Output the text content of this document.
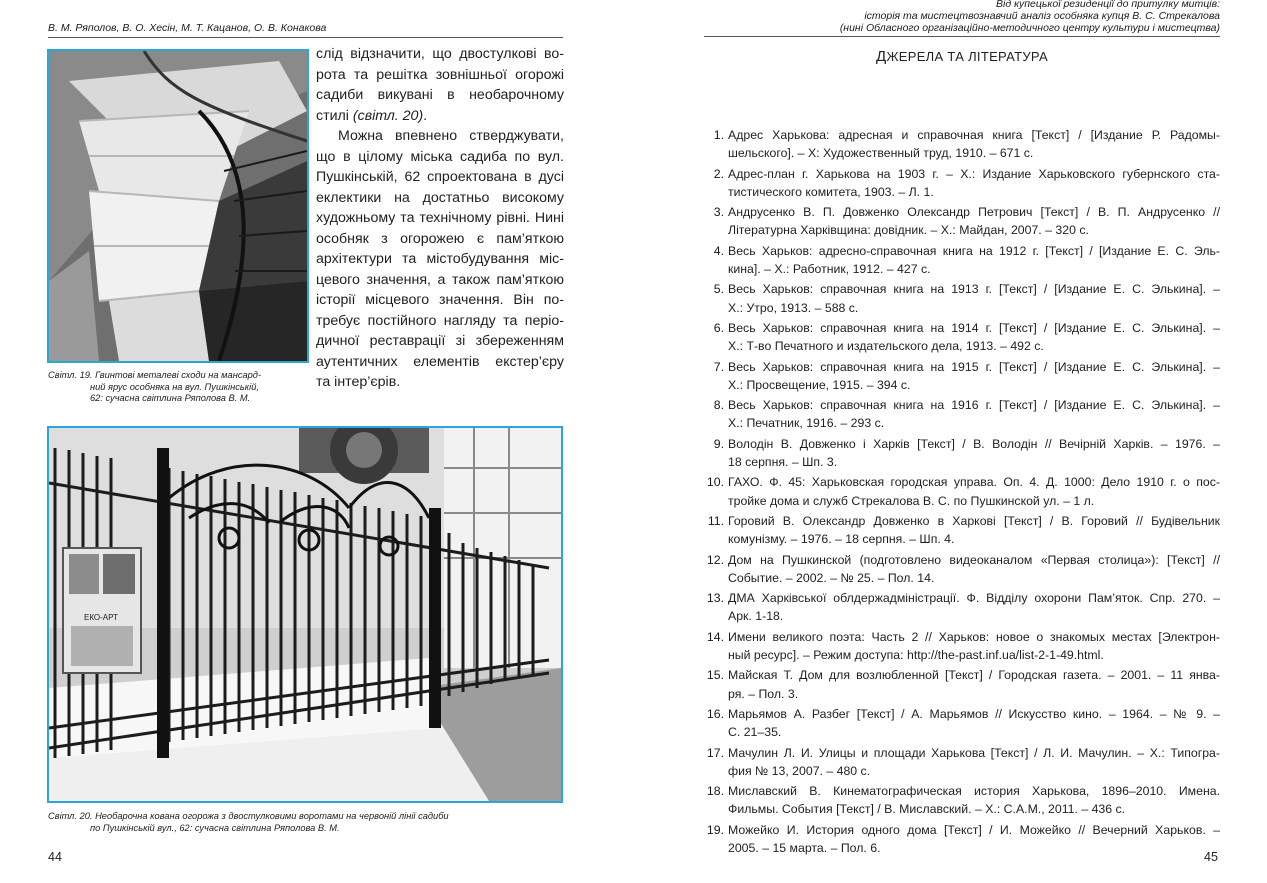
В. М. Ряполов, В. О. Хесін, М. Т. Кацанов, О. В. Конакова
слід відзначити, що двостулкові во-
рота та решітка зовнішньої огорожі
садиби викувані в необарочному
стилі (світл. 20).
Можна впевнено стверджувати,
що в цілому міська садиба по вул.
Пушкінській, 62 спроектована в дусі
еклектики на достатньо високому
художньому та технічному рівні. Нині
особняк з огорожею є пам’яткою
архітектури та містобудування міс-
цевого значення, а також пам’яткою
історії місцевого значення. Він по-
требує постійного нагляду та періо-
дичної реставрації зі збереженням
аутентичних елементів екстер’єру
та інтер’єрів.
Світл. 19. Гвинтові металеві сходи на мансард-
ний ярус особняка на вул. Пушкінській,
62: сучасна світлина Ряполова В. М.
ЕКО-АРТ
Світл. 20. Необарочна кована огорожа з двостулковими воротами на червоній лінії садиби
по Пушкінській вул., 62: сучасна світлина Ряполова В. М.
44
Від купецької резиденції до притулку митців:
історія та мистецтвознавчий аналіз особняка купця В. С. Стрекалова
(нині Обласного організаційно-методичного центру культури і мистецтва)
ДЖЕРЕЛА ТА ЛІТЕРАТУРА
1. Адрес Харькова: адресная и справочная книга [Текст] / [Издание Р. Радомы-
шельского]. – Х: Художественный труд, 1910. – 671 с.
2. Адрес-план г. Харькова на 1903 г. – Х.: Издание Харьковского губернского ста-
тистического комитета, 1903. – Л. 1.
3. Андрусенко В. П. Довженко Олександр Петрович [Текст] / В. П. Андрусенко //
Літературна Харківщина: довідник. – Х.: Майдан, 2007. – 320 с.
4. Весь Харьков: адресно-справочная книга на 1912 г. [Текст] / [Издание Е. С. Эль-
кина]. – Х.: Работник, 1912. – 427 с.
5. Весь Харьков: справочная книга на 1913 г. [Текст] / [Издание Е. С. Элькина]. –
Х.: Утро, 1913. – 588 с.
6. Весь Харьков: справочная книга на 1914 г. [Текст] / [Издание Е. С. Элькина]. –
Х.: Т-во Печатного и издательского дела, 1913. – 492 с.
7. Весь Харьков: справочная книга на 1915 г. [Текст] / [Издание Е. С. Элькина]. –
Х.: Просвещение, 1915. – 394 с.
8. Весь Харьков: справочная книга на 1916 г. [Текст] / [Издание Е. С. Элькина]. –
Х.: Печатник, 1916. – 293 с.
9. Володін В. Довженко і Харків [Текст] / В. Володін // Вечірній Харків. – 1976. –
18 серпня. – Шп. 3.
10. ГАХО. Ф. 45: Харьковская городская управа. Оп. 4. Д. 1000: Дело 1910 г. о пос-
тройке дома и служб Стрекалова В. С. по Пушкинской ул. – 1 л.
11. Горовий В. Олександр Довженко в Харкові [Текст] / В. Горовий // Будівельник
комунізму. – 1976. – 18 серпня. – Шп. 4.
12. Дом на Пушкинской (подготовлено видеоканалом «Первая столица»): [Текст] //
Событие. – 2002. – № 25. – Пол. 14.
13. ДМА Харківської облдержадміністрації. Ф. Відділу охорони Пам’яток. Спр. 270. –
Арк. 1-18.
14. Имени великого поэта: Часть 2 // Харьков: новое о знакомых местах [Электрон-
ный ресурс]. – Режим доступа: http://the-past.inf.ua/list-2-1-49.html.
15. Майская Т. Дом для возлюбленной [Текст] / Городская газета. – 2001. – 11 янва-
ря. – Пол. 3.
16. Марьямов А. Разбег [Текст] / А. Марьямов // Искусство кино. – 1964. – № 9. –
С. 21–35.
17. Мачулин Л. И. Улицы и площади Харькова [Текст] / Л. И. Мачулин. – Х.: Типогра-
фия № 13, 2007. – 480 с.
18. Миславский В. Кинематографическая история Харькова, 1896–2010. Имена.
Фильмы. События [Текст] / В. Миславский. – Х.: С.А.М., 2011. – 436 с.
19. Можейко И. История одного дома [Текст] / И. Можейко // Вечерний Харьков. –
2005. – 15 марта. – Пол. 6.
45
